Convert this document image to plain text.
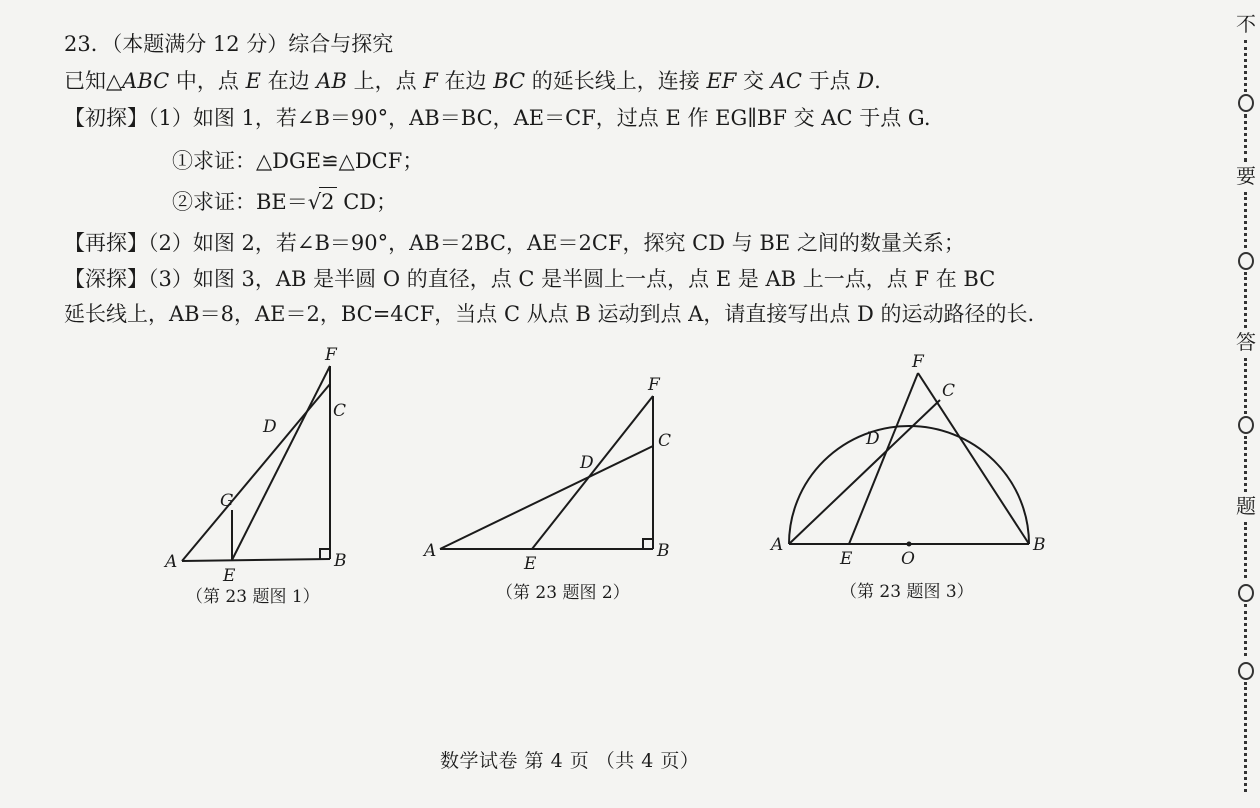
23．（本题满分 12 分）综合与探究
已知△ABC 中，点 E 在边 AB 上，点 F 在边 BC 的延长线上，连接 EF 交 AC 于点 D.
【初探】（1）如图 1，若∠B＝90°，AB＝BC，AE＝CF，过点 E 作 EG∥BF 交 AC 于点 G.
①求证：△DGE≌△DCF；
②求证：BE＝√2 CD；
【再探】（2）如图 2，若∠B＝90°，AB＝2BC，AE＝2CF，探究 CD 与 BE 之间的数量关系；
【深探】（3）如图 3，AB 是半圆 O 的直径，点 C 是半圆上一点，点 E 是 AB 上一点，点 F 在 BC
延长线上，AB＝8，AE＝2，BC=4CF，当点 C 从点 B 运动到点 A，请直接写出点 D 的运动路径的长.
F
C
D
G
A
E
B
F
C
D
A
E
B
F
C
D
A
E	O
B
（第 23 题图 1）	（第 23 题图 2）	（第 23 题图 3）
数学试卷 第 4 页 （共 4 页）
不
要
答
题
